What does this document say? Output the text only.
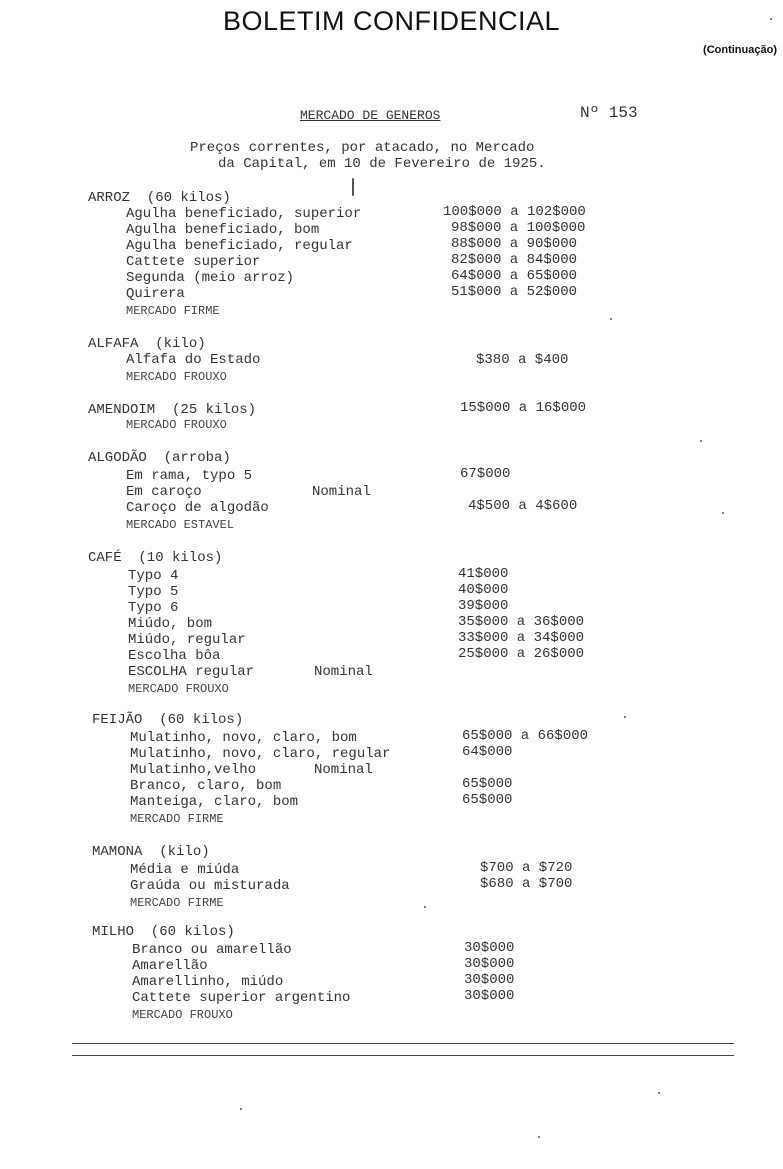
BOLETIM CONFIDENCIAL
(Continuação)
MERCADO DE GENEROS	Nº 153
Preços correntes, por atacado, no Mercado
da Capital, em 10 de Fevereiro de 1925.
ARROZ  (60 kilos)
Agulha beneficiado, superior	100$000 a 102$000
Agulha beneficiado, bom	98$000 a 100$000
Agulha beneficiado, regular	88$000 a 90$000
Cattete superior	82$000 a 84$000
Segunda (meio arroz)	64$000 a 65$000
Quirera	51$000 a 52$000
MERCADO FIRME
ALFAFA  (kilo)
Alfafa do Estado	$380 a $400
MERCADO FROUXO
AMENDOIM  (25 kilos)	15$000 a 16$000
MERCADO FROUXO
ALGODÃO  (arroba)
Em rama, typo 5	67$000
Em caroço	Nominal
Caroço de algodão	4$500 a 4$600
MERCADO ESTAVEL
CAFÉ  (10 kilos)
Typo 4	41$000
Typo 5	40$000
Typo 6	39$000
Miúdo, bom	35$000 a 36$000
Miúdo, regular	33$000 a 34$000
Escolha bôa	25$000 a 26$000
ESCOLHA regular	Nominal
MERCADO FROUXO
FEIJÃO  (60 kilos)
Mulatinho, novo, claro, bom	65$000 a 66$000
Mulatinho, novo, claro, regular	64$000
Mulatinho,velho	Nominal
Branco, claro, bom	65$000
Manteiga, claro, bom	65$000
MERCADO FIRME
MAMONA  (kilo)
Média e miúda	$700 a $720
Graúda ou misturada	$680 a $700
MERCADO FIRME
MILHO  (60 kilos)
Branco ou amarellão	30$000
Amarellão	30$000
Amarellinho, miúdo	30$000
Cattete superior argentino	30$000
MERCADO FROUXO
